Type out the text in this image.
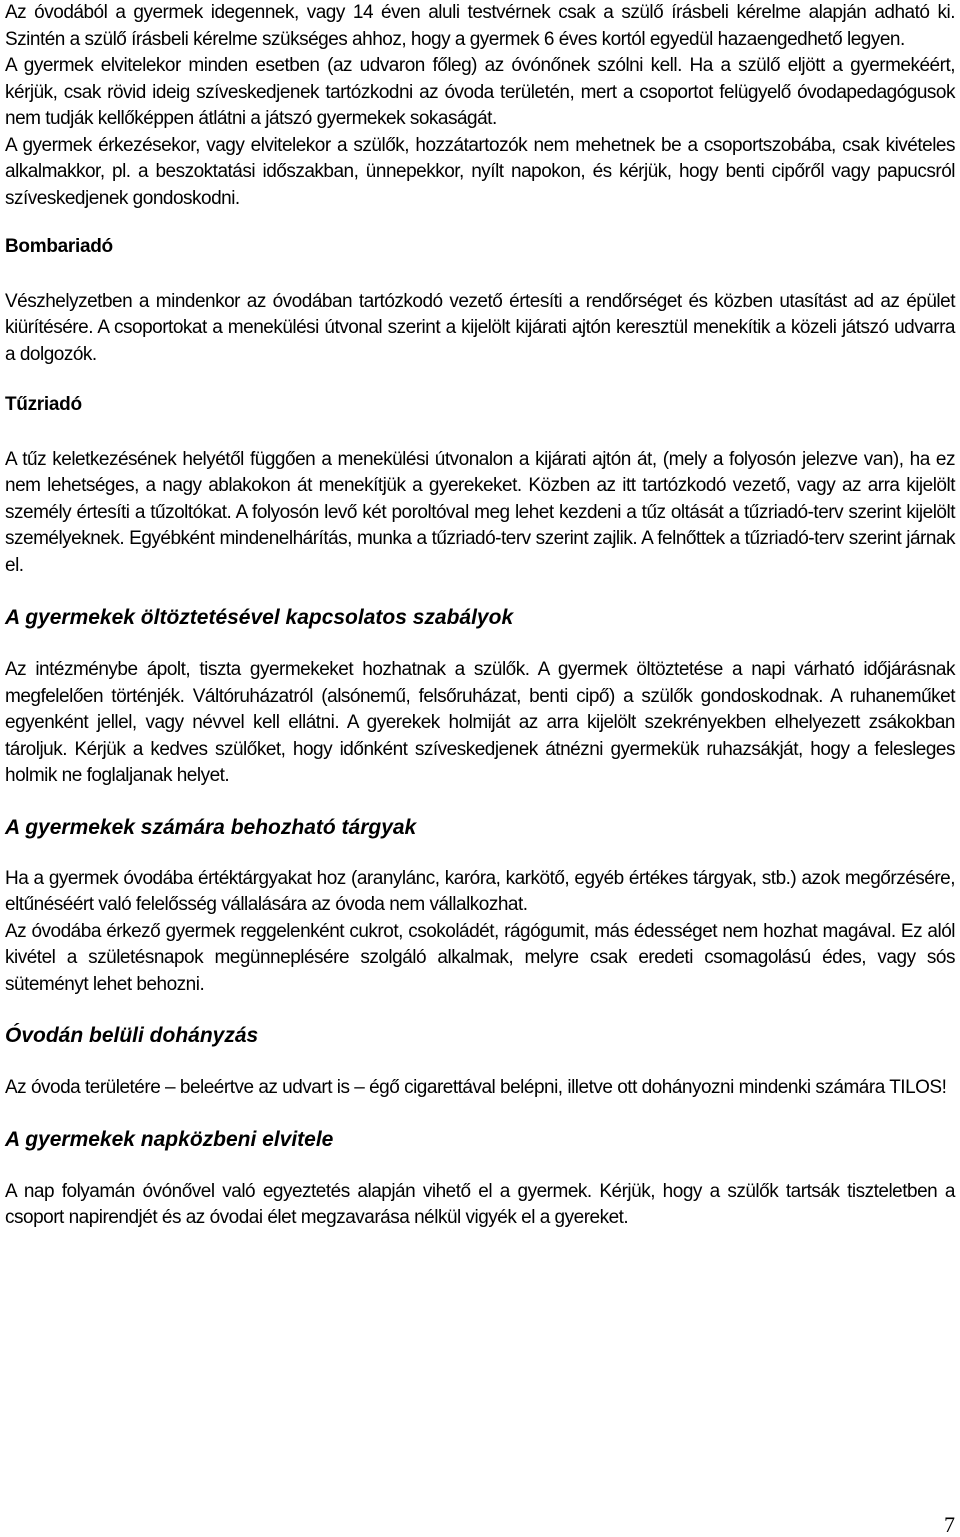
Az óvodából a gyermek idegennek, vagy 14 éven aluli testvérnek csak a szülő írásbeli kérelme alapján adható ki. Szintén a szülő írásbeli kérelme szükséges ahhoz, hogy a gyermek 6 éves kortól egyedül hazaengedhető legyen.

A gyermek elvitelekor minden esetben (az udvaron főleg) az óvónőnek szólni kell. Ha a szülő eljött a gyermekéért, kérjük, csak rövid ideig szíveskedjenek tartózkodni az óvoda területén, mert a csoportot felügyelő óvodapedagógusok nem tudják kellőképpen átlátni a játszó gyermekek sokaságát.

A gyermek érkezésekor, vagy elvitelekor a szülők, hozzátartozók nem mehetnek be a csoportszobába, csak kivételes alkalmakkor, pl. a beszoktatási időszakban, ünnepekkor, nyílt napokon, és kérjük, hogy benti cipőről vagy papucsról szíveskedjenek gondoskodni.

Bombariadó

Vészhelyzetben a mindenkor az óvodában tartózkodó vezető értesíti a rendőrséget és közben utasítást ad az épület kiürítésére. A csoportokat a menekülési útvonal szerint a kijelölt kijárati ajtón keresztül menekítik a közeli játszó udvarra a dolgozók.

Tűzriadó

A tűz keletkezésének helyétől függően a menekülési útvonalon a kijárati ajtón át, (mely a folyosón jelezve van), ha ez nem lehetséges, a nagy ablakokon át menekítjük a gyerekeket. Közben az itt tartózkodó vezető, vagy az arra kijelölt személy értesíti a tűzoltókat. A folyosón levő két poroltóval meg lehet kezdeni a tűz oltását a tűzriadó-terv szerint kijelölt személyeknek. Egyébként mindenelhárítás, munka a tűzriadó-terv szerint zajlik. A felnőttek a tűzriadó-terv szerint járnak el.

A gyermekek öltöztetésével kapcsolatos szabályok

Az intézménybe ápolt, tiszta gyermekeket hozhatnak a szülők. A gyermek öltöztetése a napi várható időjárásnak megfelelően történjék. Váltóruházatról (alsónemű, felsőruházat, benti cipő) a szülők gondoskodnak. A ruhaneműket egyenként jellel, vagy névvel kell ellátni. A gyerekek holmiját az arra kijelölt szekrényekben elhelyezett zsákokban tároljuk. Kérjük a kedves szülőket, hogy időnként szíveskedjenek átnézni gyermekük ruhazsákját, hogy a felesleges holmik ne foglaljanak helyet.

A gyermekek számára behozható tárgyak

Ha a gyermek óvodába értéktárgyakat hoz (aranylánc, karóra, karkötő, egyéb értékes tárgyak, stb.) azok megőrzésére, eltűnéséért való felelősség vállalására az óvoda nem vállalkozhat.

Az óvodába érkező gyermek reggelenként cukrot, csokoládét, rágógumit, más édességet nem hozhat magával. Ez alól kivétel a születésnapok megünneplésére szolgáló alkalmak, melyre csak eredeti csomagolású édes, vagy sós süteményt lehet behozni.

Óvodán belüli dohányzás

Az óvoda területére – beleértve az udvart is – égő cigarettával belépni, illetve ott dohányozni mindenki számára TILOS!

A gyermekek napközbeni elvitele

A nap folyamán óvónővel való egyeztetés alapján vihető el a gyermek. Kérjük, hogy a szülők tartsák tiszteletben a csoport napirendjét és az óvodai élet megzavarása nélkül vigyék el a gyereket.

7
